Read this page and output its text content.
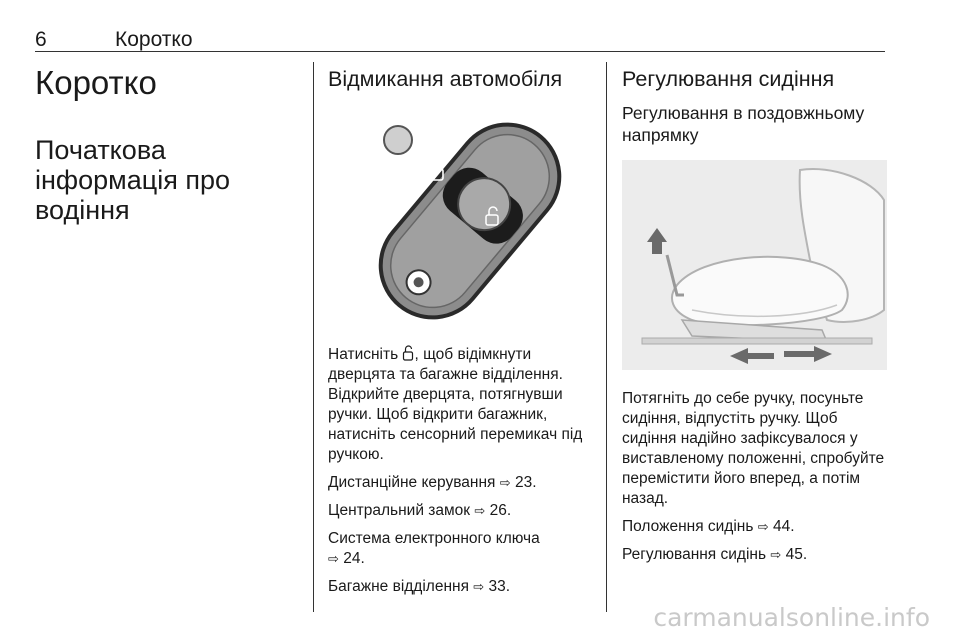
6	Коротко
Коротко
Початкова інформація про водіння
Відмикання автомобіля
Натисніть , щоб відімкнути дверцята та багажне відділення. Відкрийте дверцята, потягнувши ручки. Щоб відкрити багажник, натисніть сенсорний перемикач під ручкою.
Дистанційне керування ⇨ 23.
Центральний замок ⇨ 26.
Система електронного ключа
⇨ 24.
Багажне відділення ⇨ 33.
Регулювання сидіння
Регулювання в поздовжньому напрямку
Потягніть до себе ручку, посуньте сидіння, відпустіть ручку. Щоб сидіння надійно зафіксувалося у виставленому положенні, спробуйте перемістити його вперед, а потім назад.
Положення сидінь ⇨ 44.
Регулювання сидінь ⇨ 45.
carmanualsonline.info
